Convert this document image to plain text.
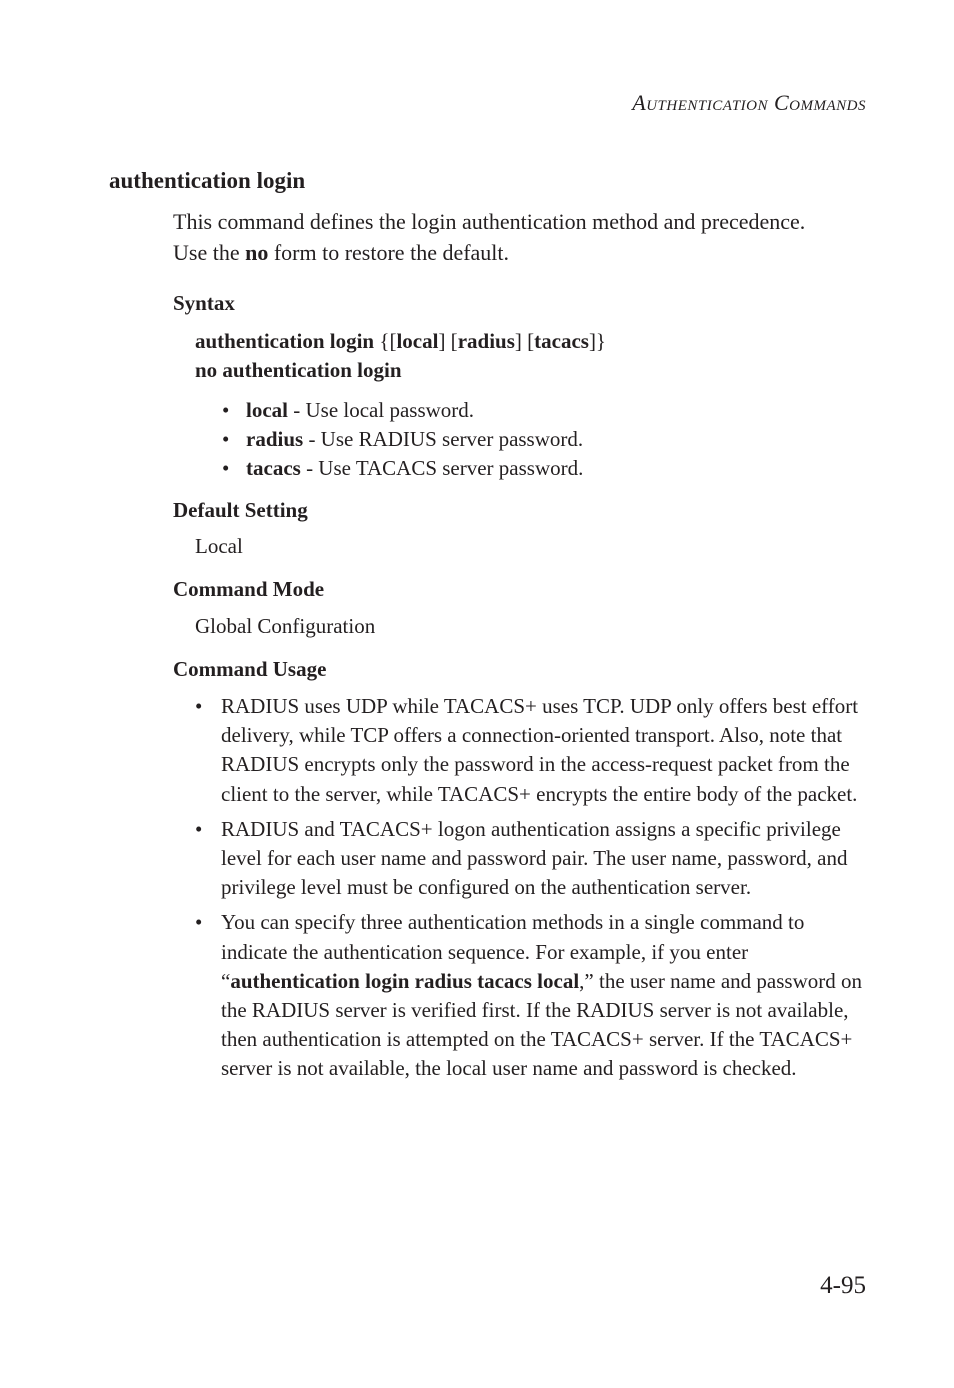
Authentication Commands
authentication login
This command defines the login authentication method and precedence.
Use the no form to restore the default.
Syntax
authentication login {[local] [radius] [tacacs]}
no authentication login
• local - Use local password.
• radius - Use RADIUS server password.
• tacacs - Use TACACS server password.
Default Setting
Local
Command Mode
Global Configuration
Command Usage
• RADIUS uses UDP while TACACS+ uses TCP. UDP only offers best effort delivery, while TCP offers a connection-oriented transport. Also, note that RADIUS encrypts only the password in the access-request packet from the client to the server, while TACACS+ encrypts the entire body of the packet.
• RADIUS and TACACS+ logon authentication assigns a specific privilege level for each user name and password pair. The user name, password, and privilege level must be configured on the authentication server.
• You can specify three authentication methods in a single command to indicate the authentication sequence. For example, if you enter “authentication login radius tacacs local,” the user name and password on the RADIUS server is verified first. If the RADIUS server is not available, then authentication is attempted on the TACACS+ server. If the TACACS+ server is not available, the local user name and password is checked.
4-95
